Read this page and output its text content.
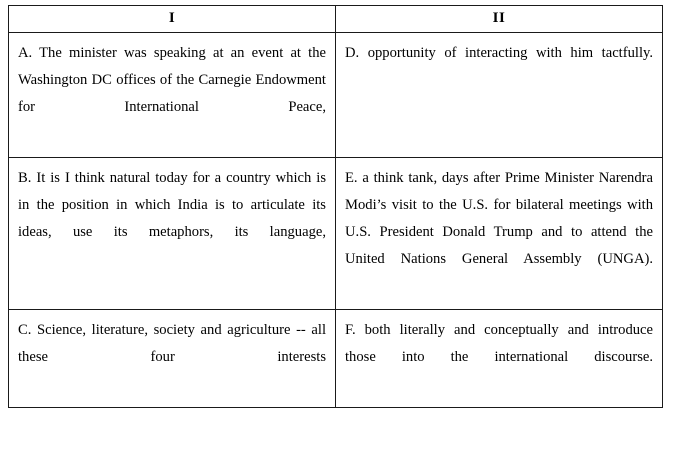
I	II

A. The minister was speaking at an event at the Washington DC offices of the Carnegie Endowment for International Peace,	D. opportunity of interacting with him tactfully.

B. It is I think natural today for a country which is in the position in which India is to articulate its ideas, use its metaphors, its language,	E. a think tank, days after Prime Minister Narendra Modi’s visit to the U.S. for bilateral meetings with U.S. President Donald Trump and to attend the United Nations General Assembly (UNGA).

C. Science, literature, society and agriculture -- all these four interests	F. both literally and conceptually and introduce those into the international discourse.
